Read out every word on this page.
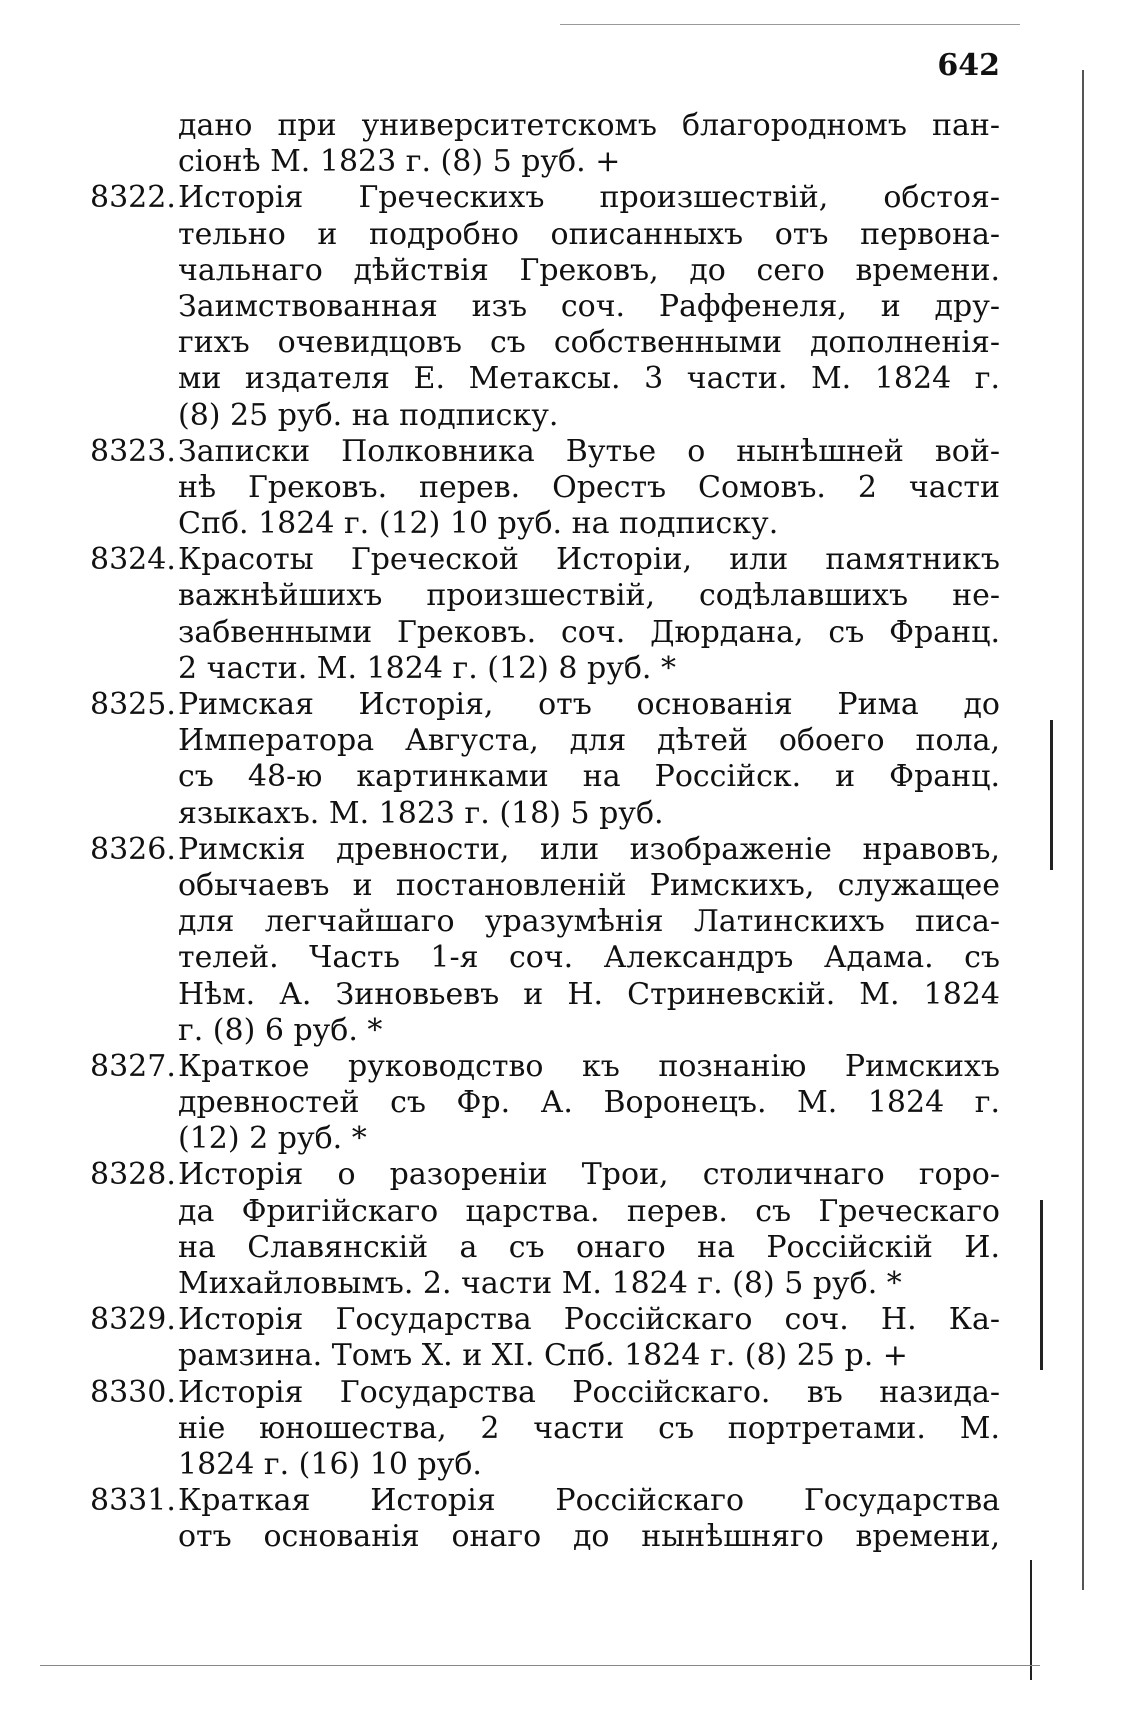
642
дано при университетскомъ благородномъ пан-
сіонѣ М. 1823 г. (8) 5 руб. +
8322. Исторія Греческихъ произшествій, обстоя-
тельно и подробно описанныхъ отъ первона-
чальнаго дѣйствія Грековъ, до сего времени.
Заимствованная изъ соч. Раффенеля, и дру-
гихъ очевидцовъ съ собственными дополненія-
ми издателя Е. Метаксы. 3 части. М. 1824 г.
(8) 25 руб. на подписку.
8323. Записки Полковника Вутье о нынѣшней вой-
нѣ Грековъ. перев. Орестъ Сомовъ. 2 части
Спб. 1824 г. (12) 10 руб. на подписку.
8324. Красоты Греческой Исторіи, или памятникъ
важнѣйшихъ произшествій, содѣлавшихъ не-
забвенными Грековъ. соч. Дюрдана, съ Франц.
2 части. М. 1824 г. (12) 8 руб. *
8325. Римская Исторія, отъ основанія Рима до
Императора Августа, для дѣтей обоего пола,
съ 48-ю картинками на Россійск. и Франц.
языкахъ. М. 1823 г. (18) 5 руб.
8326. Римскія древности, или изображеніе нравовъ,
обычаевъ и постановленій Римскихъ, служащее
для легчайшаго уразумѣнія Латинскихъ писа-
телей. Часть 1-я соч. Александръ Адама. съ
Нѣм. А. Зиновьевъ и Н. Стриневскій. М. 1824
г. (8) 6 руб. *
8327. Краткое руководство къ познанію Римскихъ
древностей съ Фр. А. Воронецъ. М. 1824 г.
(12) 2 руб. *
8328. Исторія о разореніи Трои, столичнаго горо-
да Фригійскаго царства. перев. съ Греческаго
на Славянскій а съ онаго на Россійскій И.
Михайловымъ. 2. части М. 1824 г. (8) 5 руб. *
8329. Исторія Государства Россійскаго соч. Н. Ка-
рамзина. Томъ X. и XI. Спб. 1824 г. (8) 25 р. +
8330. Исторія Государства Россійскаго. въ назида-
ніе юношества, 2 части съ портретами. М.
1824 г. (16) 10 руб.
8331. Краткая Исторія Россійскаго Государства
отъ основанія онаго до нынѣшняго времени,
